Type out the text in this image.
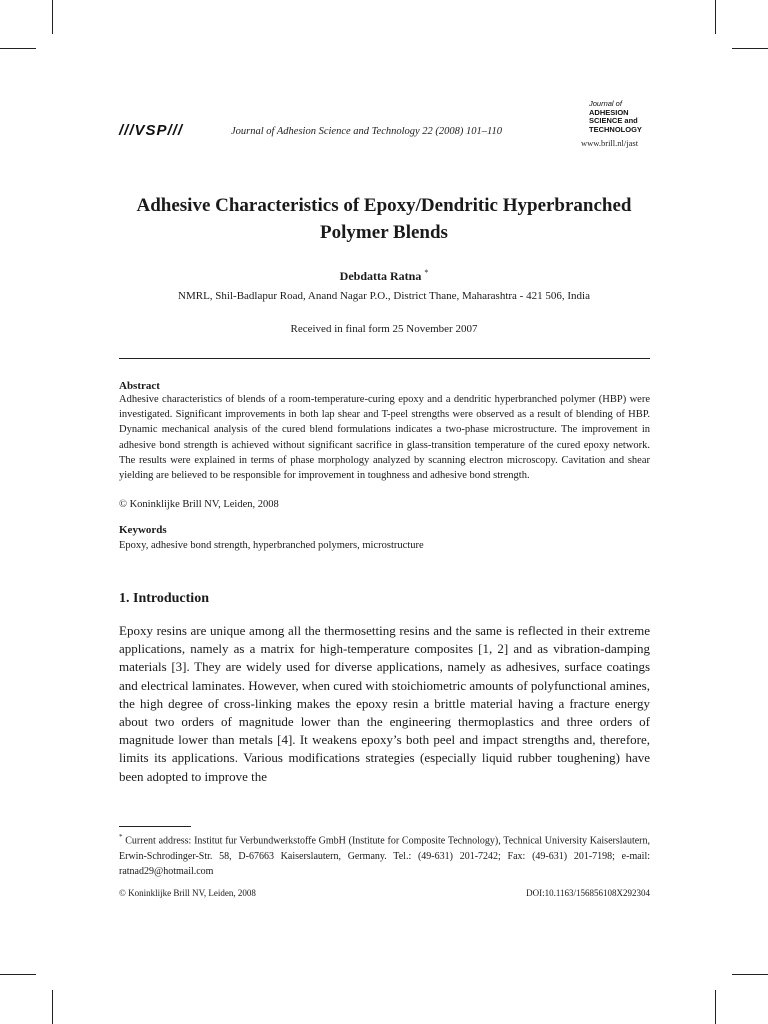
///VSP///	Journal of Adhesion Science and Technology 22 (2008) 101–110
Journal of
ADHESION
SCIENCE and
TECHNOLOGY
www.brill.nl/jast
Adhesive Characteristics of Epoxy/Dendritic Hyperbranched Polymer Blends
Debdatta Ratna *
NMRL, Shil-Badlapur Road, Anand Nagar P.O., District Thane, Maharashtra - 421 506, India
Received in final form 25 November 2007
Abstract
Adhesive characteristics of blends of a room-temperature-curing epoxy and a dendritic hyperbranched polymer (HBP) were investigated. Significant improvements in both lap shear and T-peel strengths were observed as a result of blending of HBP. Dynamic mechanical analysis of the cured blend formulations indicates a two-phase microstructure. The improvement in adhesive bond strength is achieved without significant sacrifice in glass-transition temperature of the cured epoxy network. The results were explained in terms of phase morphology analyzed by scanning electron microscopy. Cavitation and shear yielding are believed to be responsible for improvement in toughness and adhesive bond strength.
© Koninklijke Brill NV, Leiden, 2008
Keywords
Epoxy, adhesive bond strength, hyperbranched polymers, microstructure
1. Introduction
Epoxy resins are unique among all the thermosetting resins and the same is reflected in their extreme applications, namely as a matrix for high-temperature composites [1, 2] and as vibration-damping materials [3]. They are widely used for diverse applications, namely as adhesives, surface coatings and electrical laminates. However, when cured with stoichiometric amounts of polyfunctional amines, the high degree of cross-linking makes the epoxy resin a brittle material having a fracture energy about two orders of magnitude lower than the engineering thermoplastics and three orders of magnitude lower than metals [4]. It weakens epoxy’s both peel and impact strengths and, therefore, limits its applications. Various modifications strategies (especially liquid rubber toughening) have been adopted to improve the
* Current address: Institut fur Verbundwerkstoffe GmbH (Institute for Composite Technology), Technical University Kaiserslautern, Erwin-Schrodinger-Str. 58, D-67663 Kaiserslautern, Germany. Tel.: (49-631) 201-7242; Fax: (49-631) 201-7198; e-mail: ratnad29@hotmail.com
© Koninklijke Brill NV, Leiden, 2008	DOI:10.1163/156856108X292304
